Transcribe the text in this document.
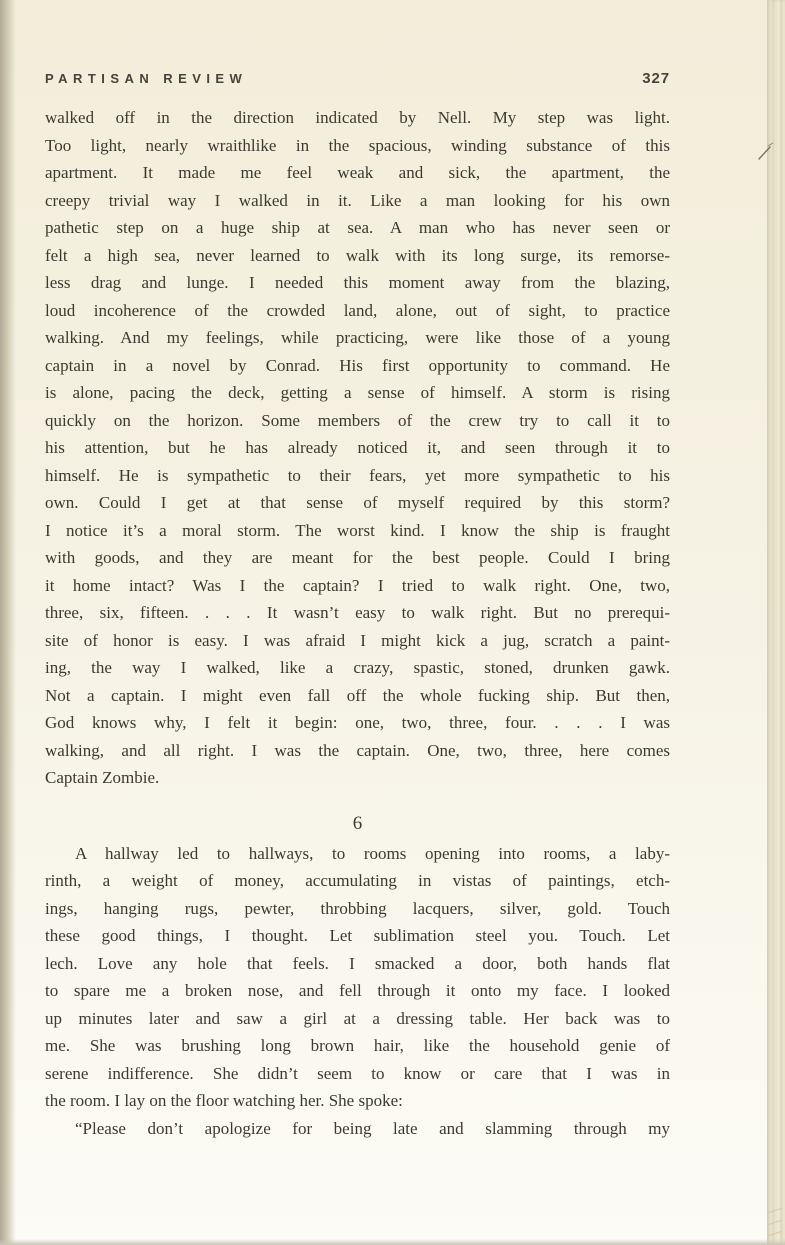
PARTISAN REVIEW	327
walked off in the direction indicated by Nell. My step was light.
Too light, nearly wraithlike in the spacious, winding substance of this
apartment. It made me feel weak and sick, the apartment, the
creepy trivial way I walked in it. Like a man looking for his own
pathetic step on a huge ship at sea. A man who has never seen or
felt a high sea, never learned to walk with its long surge, its remorse-
less drag and lunge. I needed this moment away from the blazing,
loud incoherence of the crowded land, alone, out of sight, to practice
walking. And my feelings, while practicing, were like those of a young
captain in a novel by Conrad. His first opportunity to command. He
is alone, pacing the deck, getting a sense of himself. A storm is rising
quickly on the horizon. Some members of the crew try to call it to
his attention, but he has already noticed it, and seen through it to
himself. He is sympathetic to their fears, yet more sympathetic to his
own. Could I get at that sense of myself required by this storm?
I notice it’s a moral storm. The worst kind. I know the ship is fraught
with goods, and they are meant for the best people. Could I bring
it home intact? Was I the captain? I tried to walk right. One, two,
three, six, fifteen. . . . It wasn’t easy to walk right. But no prerequi-
site of honor is easy. I was afraid I might kick a jug, scratch a paint-
ing, the way I walked, like a crazy, spastic, stoned, drunken gawk.
Not a captain. I might even fall off the whole fucking ship. But then,
God knows why, I felt it begin: one, two, three, four. . . . I was
walking, and all right. I was the captain. One, two, three, here comes
Captain Zombie.
6
A hallway led to hallways, to rooms opening into rooms, a laby-
rinth, a weight of money, accumulating in vistas of paintings, etch-
ings, hanging rugs, pewter, throbbing lacquers, silver, gold. Touch
these good things, I thought. Let sublimation steel you. Touch. Let
lech. Love any hole that feels. I smacked a door, both hands flat
to spare me a broken nose, and fell through it onto my face. I looked
up minutes later and saw a girl at a dressing table. Her back was to
me. She was brushing long brown hair, like the household genie of
serene indifference. She didn’t seem to know or care that I was in
the room. I lay on the floor watching her. She spoke:
“Please don’t apologize for being late and slamming through my
